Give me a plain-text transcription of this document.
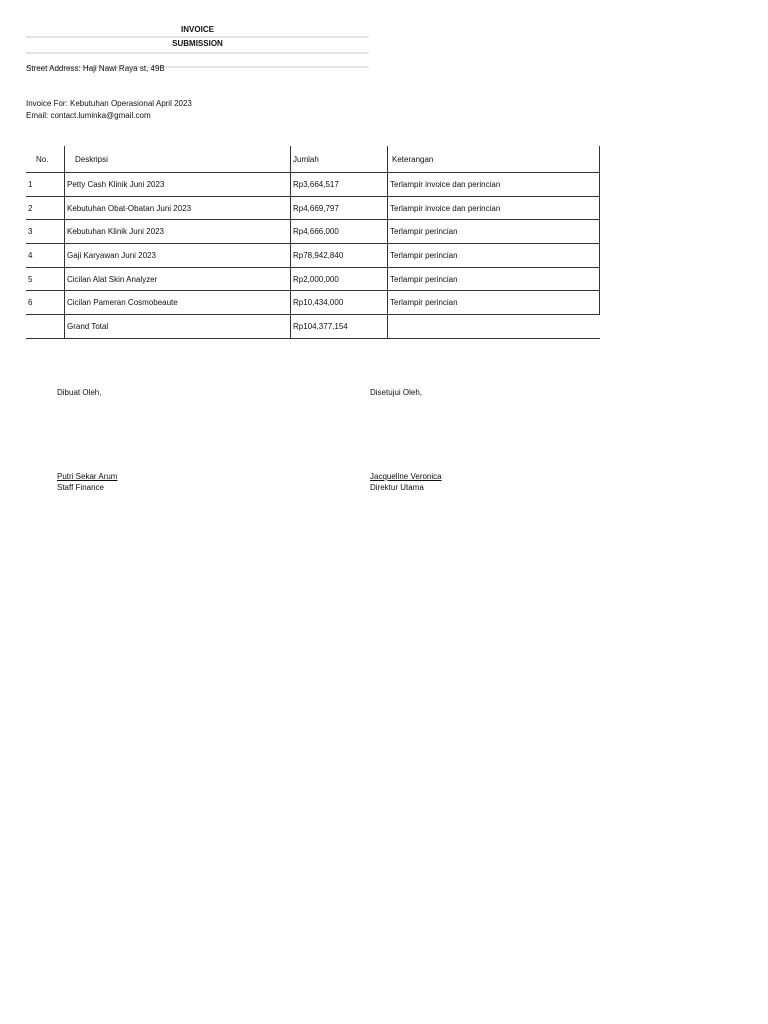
INVOICE
SUBMISSION
Street Address: Haji Nawi Raya st, 49B
Invoice For: Kebutuhan Operasional April 2023
Email: contact.luminka@gmail.com
No.	Deskripsi	Jumlah	Keterangan
1	Petty Cash Klinik Juni 2023	Rp3,664,517	Terlampir invoice dan perincian
2	Kebutuhan Obat-Obatan Juni 2023	Rp4,669,797	Terlampir invoice dan perincian
3	Kebutuhan Klinik Juni 2023	Rp4,666,000	Terlampir perincian
4	Gaji Karyawan Juni 2023	Rp78,942,840	Terlampir perincian
5	Cicilan Alat Skin Analyzer	Rp2,000,000	Terlampir perincian
6	Cicilan Pameran Cosmobeaute	Rp10,434,000	Terlampir perincian
	Grand Total	Rp104,377,154	
Dibuat Oleh,	Disetujui Oleh,
Putri Sekar Arum
Staff Finance
Jacqueline Veronica
Direktur Utama
